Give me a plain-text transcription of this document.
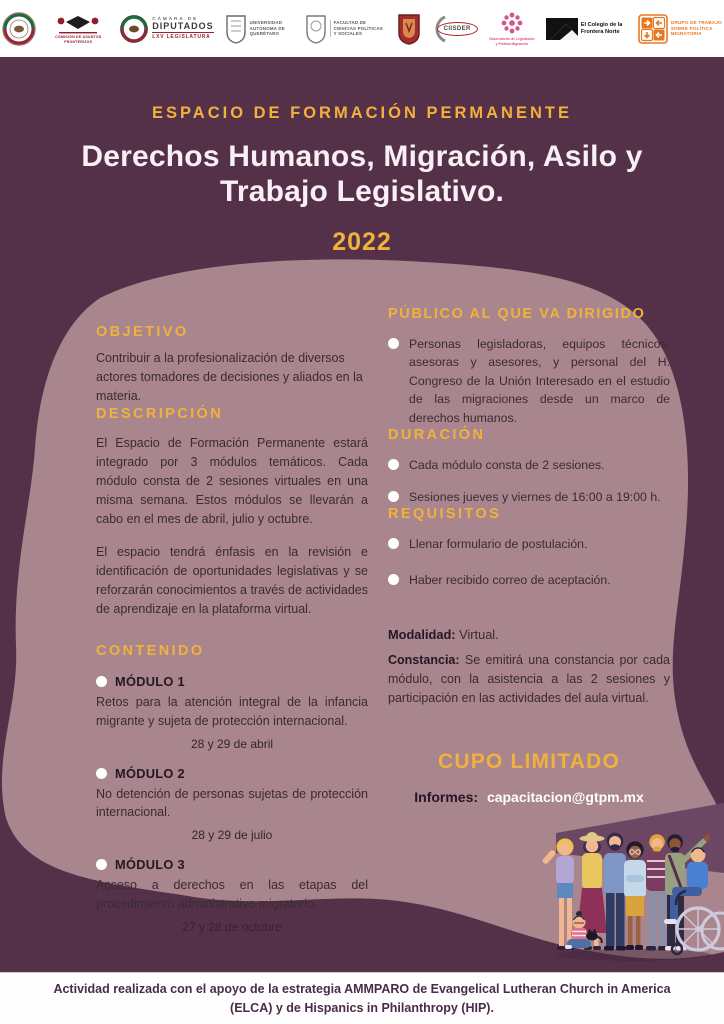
COMISIÓN DE ASUNTOS FRONTERIZOS
CÁMARA DE
DIPUTADOS
LXV LEGISLATURA
UNIVERSIDAD AUTÓNOMA DE QUERÉTARO
FACULTAD DE CIENCIAS POLÍTICAS Y SOCIALES
CIISDER
Observatorio de Legislación y Política Migratoria
El Colegio de la Frontera Norte
GRUPO DE TRABAJO SOBRE POLÍTICA MIGRATORIA
ESPACIO DE FORMACIÓN PERMANENTE
Derechos Humanos, Migración, Asilo y Trabajo Legislativo.
2022
OBJETIVO

Contribuir a la profesionalización de diversos actores tomadores de decisiones y aliados en la materia.

DESCRIPCIÓN

El Espacio de Formación Permanente estará integrado por 3 módulos temáticos. Cada módulo consta de 2 sesiones virtuales en una misma semana. Estos módulos se llevarán a cabo en el mes de abril, julio y octubre.

El espacio tendrá énfasis en la revisión e identificación de oportunidades legislativas y se reforzarán conocimientos a través de actividades de aprendizaje en la plataforma virtual.

CONTENIDO
MÓDULO 1

Retos para la atención integral de la infancia migrante y sujeta de protección internacional.

28 y 29 de abril

MÓDULO 2

No detención de personas sujetas de protección internacional.

28 y 29 de julio

MÓDULO 3

Acceso a derechos en las etapas del procedimiento administrativo migratorio.

27 y 28 de octubre

PÚBLICO AL QUE VA DIRIGIDO

Personas legisladoras, equipos técnicos, asesoras y asesores, y personal del H. Congreso de la Unión Interesado en el estudio de las migraciones desde un marco de derechos humanos.

DURACIÓN

Cada módulo consta de 2 sesiones.

Sesiones jueves y viernes de 16:00 a 19:00 h.

REQUISITOS

Llenar formulario de postulación.

Haber recibido correo de aceptación.

Modalidad: Virtual.

Constancia: Se emitirá una constancia por cada módulo, con la asistencia a las 2 sesiones y participación en las actividades del aula virtual.

CUPO LIMITADO
Informes: capacitacion@gtpm.mx

Actividad realizada con el apoyo de la estrategia AMMPARO de Evangelical Lutheran Church in America (ELCA) y de Hispanics in Philanthropy (HIP).
